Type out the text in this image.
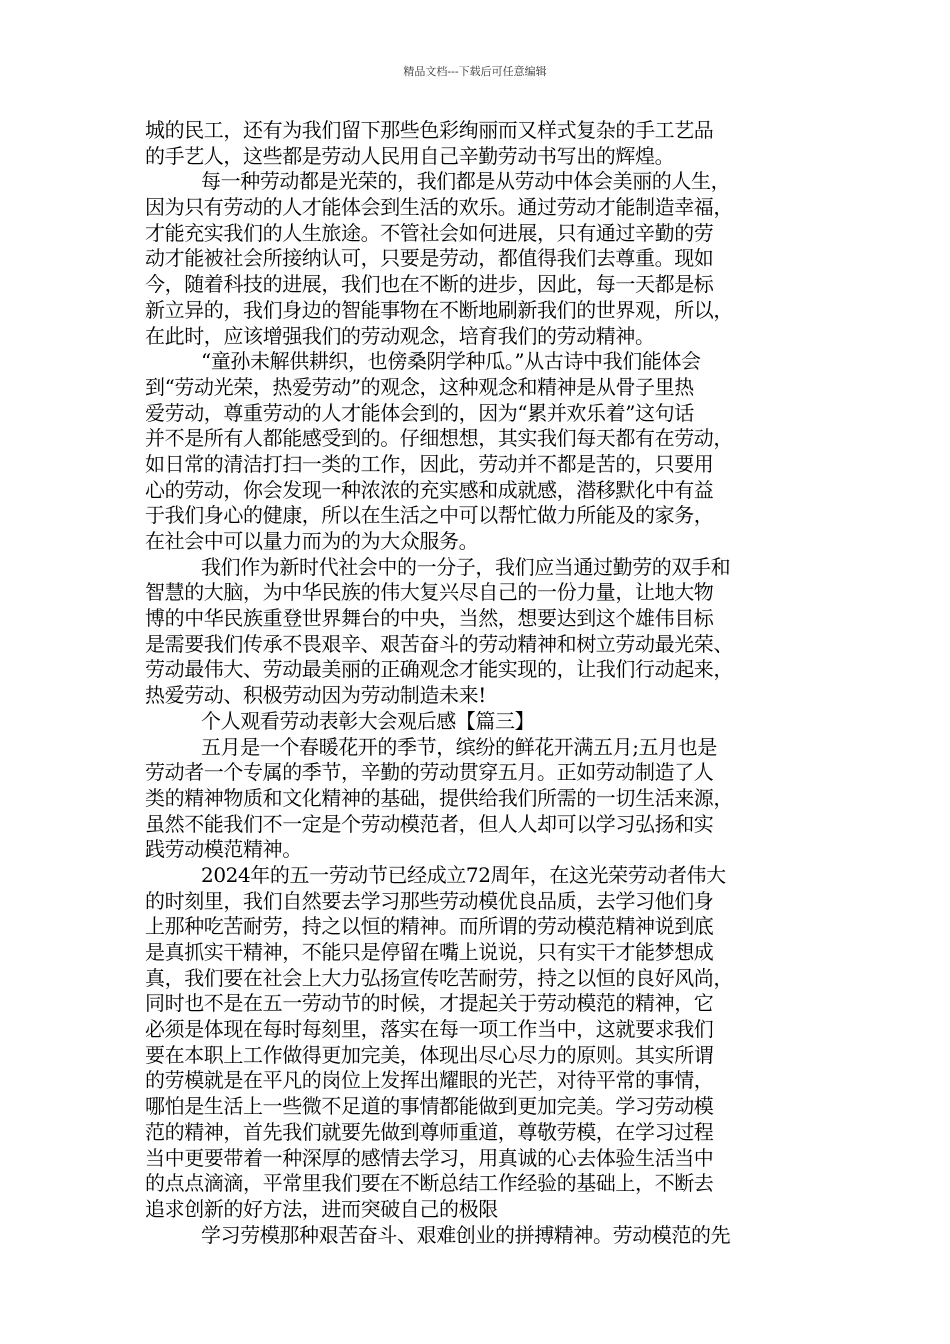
精品文档---下载后可任意编辑
城的民工，还有为我们留下那些色彩绚丽而又样式复杂的手工艺品
的手艺人，这些都是劳动人民用自己辛勤劳动书写出的辉煌。
每一种劳动都是光荣的，我们都是从劳动中体会美丽的人生，
因为只有劳动的人才能体会到生活的欢乐。通过劳动才能制造幸福，
才能充实我们的人生旅途。不管社会如何进展，只有通过辛勤的劳
动才能被社会所接纳认可，只要是劳动，都值得我们去尊重。现如
今，随着科技的进展，我们也在不断的进步，因此，每一天都是标
新立异的，我们身边的智能事物在不断地刷新我们的世界观，所以，
在此时，应该增强我们的劳动观念，培育我们的劳动精神。
“童孙未解供耕织，也傍桑阴学种瓜。”从古诗中我们能体会
到“劳动光荣，热爱劳动”的观念，这种观念和精神是从骨子里热
爱劳动，尊重劳动的人才能体会到的，因为“累并欢乐着”这句话
并不是所有人都能感受到的。仔细想想，其实我们每天都有在劳动，
如日常的清洁打扫一类的工作，因此，劳动并不都是苦的，只要用
心的劳动，你会发现一种浓浓的充实感和成就感，潜移默化中有益
于我们身心的健康，所以在生活之中可以帮忙做力所能及的家务，
在社会中可以量力而为的为大众服务。
我们作为新时代社会中的一分子，我们应当通过勤劳的双手和
智慧的大脑，为中华民族的伟大复兴尽自己的一份力量，让地大物
博的中华民族重登世界舞台的中央，当然，想要达到这个雄伟目标
是需要我们传承不畏艰辛、艰苦奋斗的劳动精神和树立劳动最光荣、
劳动最伟大、劳动最美丽的正确观念才能实现的，让我们行动起来，
热爱劳动、积极劳动因为劳动制造未来!
个人观看劳动表彰大会观后感【篇三】
五月是一个春暖花开的季节，缤纷的鲜花开满五月;五月也是
劳动者一个专属的季节，辛勤的劳动贯穿五月。正如劳动制造了人
类的精神物质和文化精神的基础，提供给我们所需的一切生活来源，
虽然不能我们不一定是个劳动模范者，但人人却可以学习弘扬和实
践劳动模范精神。
2024年的五一劳动节已经成立72周年，在这光荣劳动者伟大
的时刻里，我们自然要去学习那些劳动模优良品质，去学习他们身
上那种吃苦耐劳，持之以恒的精神。而所谓的劳动模范精神说到底
是真抓实干精神，不能只是停留在嘴上说说，只有实干才能梦想成
真，我们要在社会上大力弘扬宣传吃苦耐劳，持之以恒的良好风尚，
同时也不是在五一劳动节的时候，才提起关于劳动模范的精神，它
必须是体现在每时每刻里，落实在每一项工作当中，这就要求我们
要在本职上工作做得更加完美，体现出尽心尽力的原则。其实所谓
的劳模就是在平凡的岗位上发挥出耀眼的光芒，对待平常的事情，
哪怕是生活上一些微不足道的事情都能做到更加完美。学习劳动模
范的精神，首先我们就要先做到尊师重道，尊敬劳模，在学习过程
当中更要带着一种深厚的感情去学习，用真诚的心去体验生活当中
的点点滴滴，平常里我们要在不断总结工作经验的基础上，不断去
追求创新的好方法，进而突破自己的极限
学习劳模那种艰苦奋斗、艰难创业的拼搏精神。劳动模范的先
